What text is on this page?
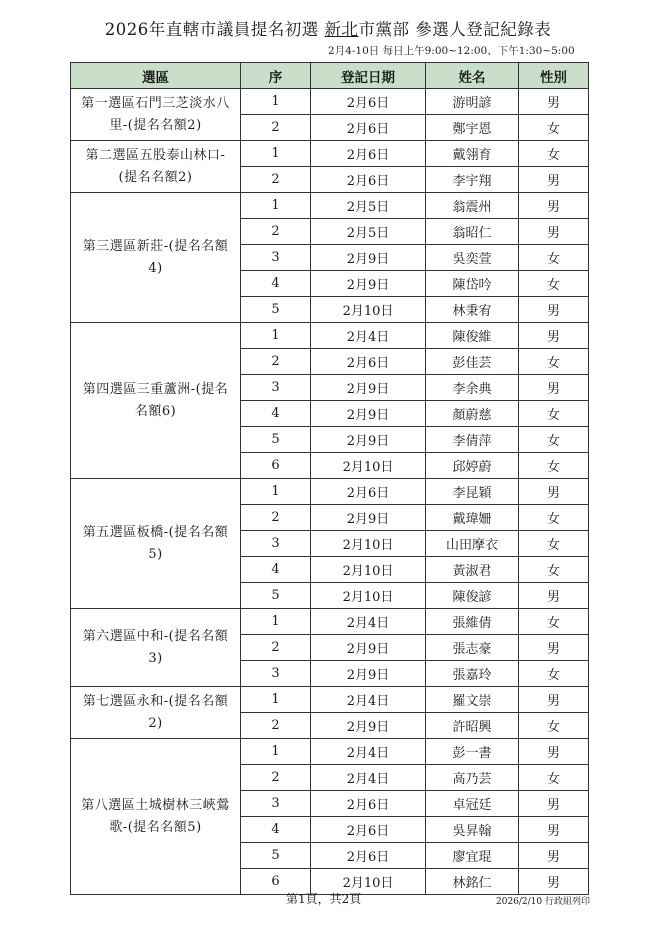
2026年直轄市議員提名初選 新北市黨部 參選人登記紀錄表
2月4-10日 每日上午9:00~12:00、下午1:30~5:00
選區	序	登記日期	姓名	性別
第一選區石門三芝淡水八里-(提名名額2)	1	2月6日	游明諺	男
	2	2月6日	鄭宇恩	女
第二選區五股泰山林口-(提名名額2)	1	2月6日	戴翎育	女
	2	2月6日	李宇翔	男
第三選區新莊-(提名名額4)	1	2月5日	翁震州	男
	2	2月5日	翁昭仁	男
	3	2月9日	吳奕萱	女
	4	2月9日	陳岱吟	女
	5	2月10日	林秉宥	男
第四選區三重蘆洲-(提名名額6)	1	2月4日	陳俊維	男
	2	2月6日	彭佳芸	女
	3	2月9日	李余典	男
	4	2月9日	顏蔚慈	女
	5	2月9日	李倩萍	女
	6	2月10日	邱婷蔚	女
第五選區板橋-(提名名額5)	1	2月6日	李昆穎	男
	2	2月9日	戴瑋姍	女
	3	2月10日	山田摩衣	女
	4	2月10日	黃淑君	女
	5	2月10日	陳俊諺	男
第六選區中和-(提名名額3)	1	2月4日	張維倩	女
	2	2月9日	張志豪	男
	3	2月9日	張嘉玲	女
第七選區永和-(提名名額2)	1	2月4日	羅文崇	男
	2	2月9日	許昭興	女
第八選區土城樹林三峽鶯歌-(提名名額5)	1	2月4日	彭一書	男
	2	2月4日	高乃芸	女
	3	2月6日	卓冠廷	男
	4	2月6日	吳昇翰	男
	5	2月6日	廖宜琨	男
	6	2月10日	林銘仁	男
第1頁，共2頁	2026/2/10 行政組列印
